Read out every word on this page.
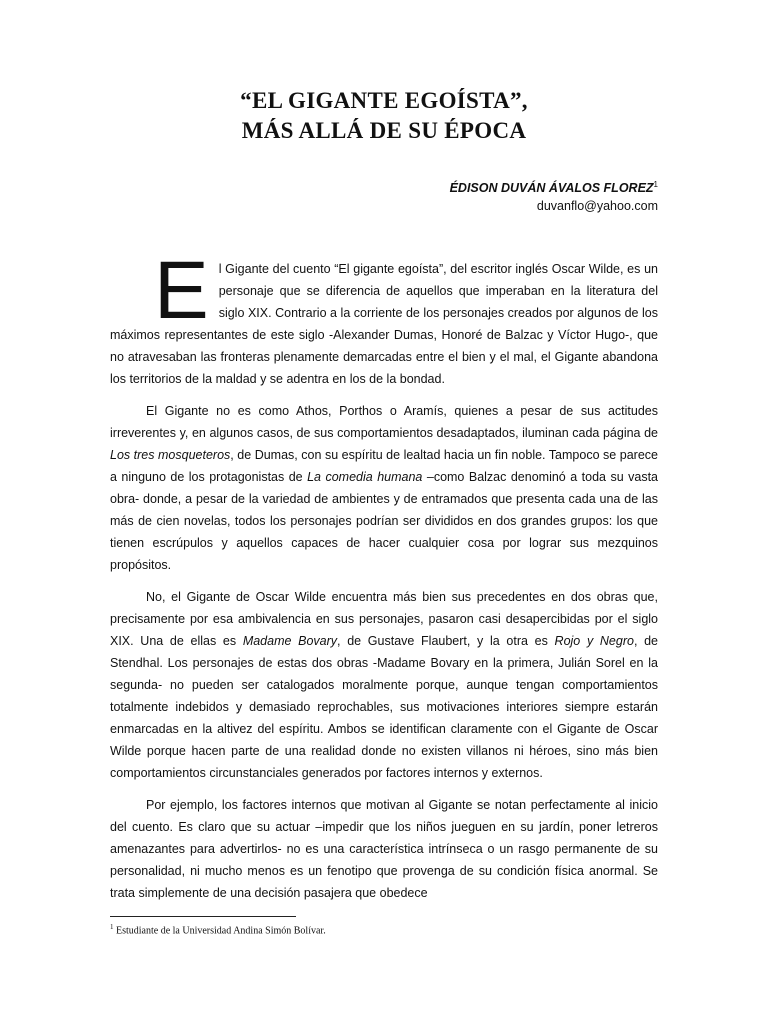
“EL GIGANTE EGOÍSTA”,
MÁS ALLÁ DE SU ÉPOCA
ÉDISON DUVÁN ÁVALOS FLOREZ$^1$
duvanflo@yahoo.com

El Gigante del cuento “El gigante egoísta”, del escritor inglés Oscar Wilde, es un personaje que se diferencia de aquellos que imperaban en la literatura del siglo XIX. Contrario a la corriente de los personajes creados por algunos de los máximos representantes de este siglo -Alexander Dumas, Honoré de Balzac y Víctor Hugo-, que no atravesaban las fronteras plenamente demarcadas entre el bien y el mal, el Gigante abandona los territorios de la maldad y se adentra en los de la bondad.

El Gigante no es como Athos, Porthos o Aramís, quienes a pesar de sus actitudes irreverentes y, en algunos casos, de sus comportamientos desadaptados, iluminan cada página de Los tres mosqueteros, de Dumas, con su espíritu de lealtad hacia un fin noble. Tampoco se parece a ninguno de los protagonistas de La comedia humana –como Balzac denominó a toda su vasta obra- donde, a pesar de la variedad de ambientes y de entramados que presenta cada una de las más de cien novelas, todos los personajes podrían ser divididos en dos grandes grupos: los que tienen escrúpulos y aquellos capaces de hacer cualquier cosa por lograr sus mezquinos propósitos.

No, el Gigante de Oscar Wilde encuentra más bien sus precedentes en dos obras que, precisamente por esa ambivalencia en sus personajes, pasaron casi desapercibidas por el siglo XIX. Una de ellas es Madame Bovary, de Gustave Flaubert, y la otra es Rojo y Negro, de Stendhal. Los personajes de estas dos obras -Madame Bovary en la primera, Julián Sorel en la segunda- no pueden ser catalogados moralmente porque, aunque tengan comportamientos totalmente indebidos y demasiado reprochables, sus motivaciones interiores siempre estarán enmarcadas en la altivez del espíritu. Ambos se identifican claramente con el Gigante de Oscar Wilde porque hacen parte de una realidad donde no existen villanos ni héroes, sino más bien comportamientos circunstanciales generados por factores internos y externos.

Por ejemplo, los factores internos que motivan al Gigante se notan perfectamente al inicio del cuento. Es claro que su actuar –impedir que los niños jueguen en su jardín, poner letreros amenazantes para advertirlos- no es una característica intrínseca o un rasgo permanente de su personalidad, ni mucho menos es un fenotipo que provenga de su condición física anormal. Se trata simplemente de una decisión pasajera que obedece

$^1$ Estudiante de la Universidad Andina Simón Bolívar.
